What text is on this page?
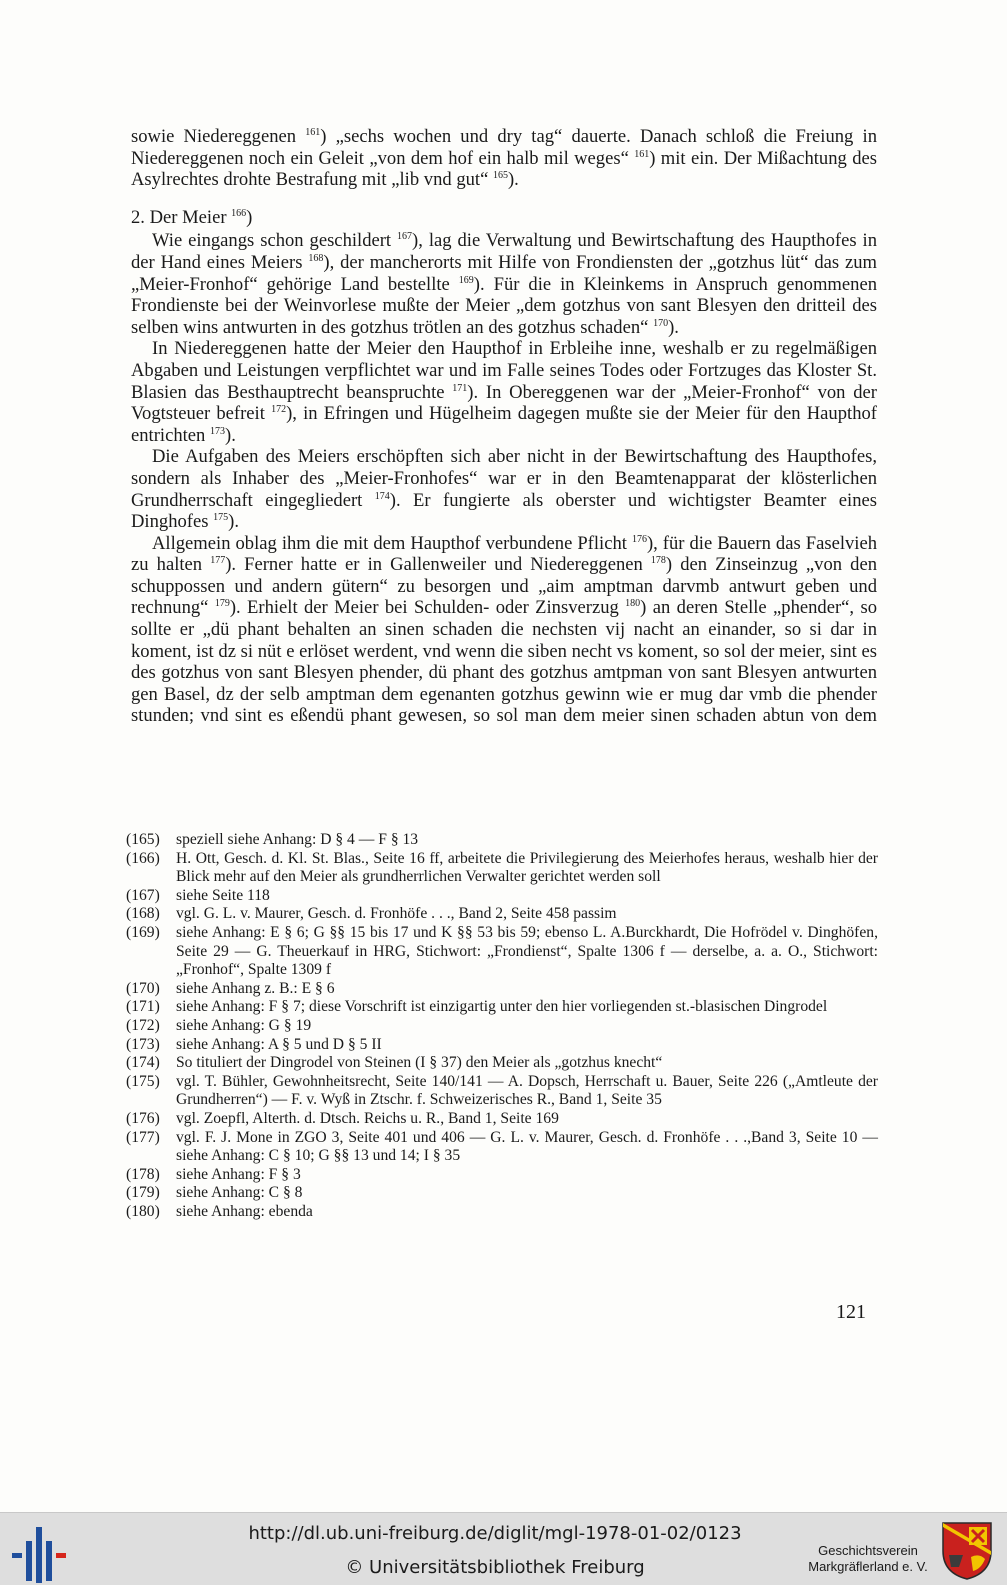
sowie Niedereggenen $^{161}$) „sechs wochen und dry tag“ dauerte. Danach schloß die Freiung in Niedereggenen noch ein Geleit „von dem hof ein halb mil weges“ $^{161}$) mit ein. Der Mißachtung des Asylrechtes drohte Bestrafung mit „lib vnd gut“ $^{165}$).

2. Der Meier $^{166}$)

Wie eingangs schon geschildert $^{167}$), lag die Verwaltung und Bewirtschaftung des Haupthofes in der Hand eines Meiers $^{168}$), der mancherorts mit Hilfe von Frondiensten der „gotzhus lüt“ das zum „Meier-Fronhof“ gehörige Land bestellte $^{169}$). Für die in Kleinkems in Anspruch genommenen Frondienste bei der Weinvorlese mußte der Meier „dem gotzhus von sant Blesyen den dritteil des selben wins antwurten in des gotzhus trötlen an des gotzhus schaden“ $^{170}$).

In Niedereggenen hatte der Meier den Haupthof in Erbleihe inne, weshalb er zu regelmäßigen Abgaben und Leistungen verpflichtet war und im Falle seines Todes oder Fortzuges das Kloster St. Blasien das Besthauptrecht beanspruchte $^{171}$). In Obereggenen war der „Meier-Fronhof“ von der Vogtsteuer befreit $^{172}$), in Efringen und Hügelheim dagegen mußte sie der Meier für den Haupthof entrichten $^{173}$).

Die Aufgaben des Meiers erschöpften sich aber nicht in der Bewirtschaftung des Haupthofes, sondern als Inhaber des „Meier-Fronhofes“ war er in den Beamtenapparat der klösterlichen Grundherrschaft eingegliedert $^{174}$). Er fungierte als oberster und wichtigster Beamter eines Dinghofes $^{175}$).

Allgemein oblag ihm die mit dem Haupthof verbundene Pflicht $^{176}$), für die Bauern das Faselvieh zu halten $^{177}$). Ferner hatte er in Gallenweiler und Niedereggenen $^{178}$) den Zinseinzug „von den schuppossen und andern gütern“ zu besorgen und „aim amptman darvmb antwurt geben und rechnung“ $^{179}$). Erhielt der Meier bei Schulden- oder Zinsverzug $^{180}$) an deren Stelle „phender“, so sollte er „dü phant behalten an sinen schaden die nechsten vij nacht an einander, so si dar in koment, ist dz si nüt e erlöset werdent, vnd wenn die siben necht vs koment, so sol der meier, sint es des gotzhus von sant Blesyen phender, dü phant des gotzhus amtpman von sant Blesyen antwurten gen Basel, dz der selb amptman dem egenanten gotzhus gewinn wie er mug dar vmb die phender stunden; vnd sint es eßendü phant gewesen, so sol man dem meier sinen schaden abtun von dem

(165)	speziell siehe Anhang: D § 4 — F § 13
(166)	H. Ott, Gesch. d. Kl. St. Blas., Seite 16 ff, arbeitete die Privilegierung des Meierhofes heraus, weshalb hier der Blick mehr auf den Meier als grundherrlichen Verwalter gerichtet werden soll
(167)	siehe Seite 118
(168)	vgl. G. L. v. Maurer, Gesch. d. Fronhöfe . . ., Band 2, Seite 458 passim
(169)	siehe Anhang: E § 6; G §§ 15 bis 17 und K §§ 53 bis 59; ebenso L. A.Burckhardt, Die Hofrödel v. Dinghöfen, Seite 29 — G. Theuerkauf in HRG, Stichwort: „Frondienst“, Spalte 1306 f — derselbe, a. a. O., Stichwort: „Fronhof“, Spalte 1309 f
(170)	siehe Anhang z. B.: E § 6
(171)	siehe Anhang: F § 7; diese Vorschrift ist einzigartig unter den hier vorliegenden st.-blasischen Dingrodel
(172)	siehe Anhang: G § 19
(173)	siehe Anhang: A § 5 und D § 5 II
(174)	So tituliert der Dingrodel von Steinen (I § 37) den Meier als „gotzhus knecht“
(175)	vgl. T. Bühler, Gewohnheitsrecht, Seite 140/141 — A. Dopsch, Herrschaft u. Bauer, Seite 226 („Amtleute der Grundherren“) — F. v. Wyß in Ztschr. f. Schweizerisches R., Band 1, Seite 35
(176)	vgl. Zoepfl, Alterth. d. Dtsch. Reichs u. R., Band 1, Seite 169
(177)	vgl. F. J. Mone in ZGO 3, Seite 401 und 406 — G. L. v. Maurer, Gesch. d. Fronhöfe . . .,Band 3, Seite 10 — siehe Anhang: C § 10; G §§ 13 und 14; I § 35
(178)	siehe Anhang: F § 3
(179)	siehe Anhang: C § 8
(180)	siehe Anhang: ebenda
121
http://dl.ub.uni-freiburg.de/diglit/mgl-1978-01-02/0123
© Universitätsbibliothek Freiburg
Geschichtsverein
Markgräflerland e. V.
